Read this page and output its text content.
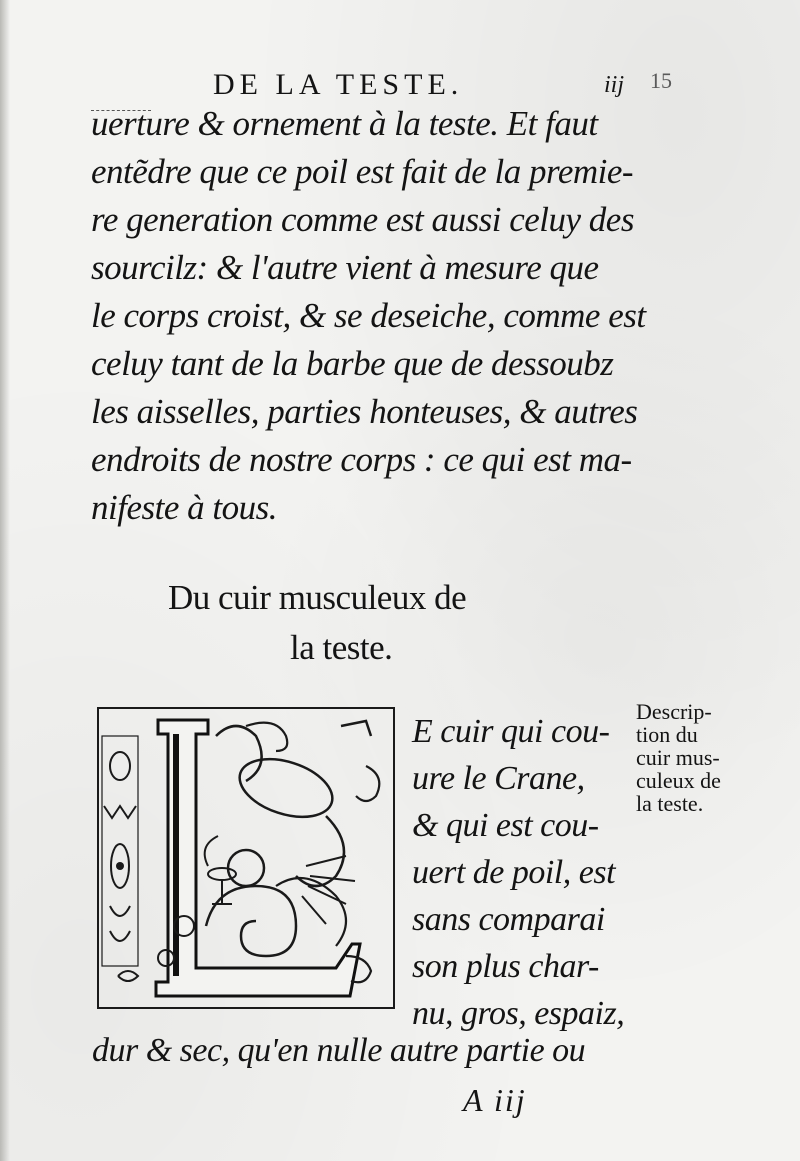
DE LA TESTE.	iij 15
uerture & ornement à la teste. Et faut
entẽdre que ce poil est fait de la premie-
re generation comme est aussi celuy des
sourcilz: & l'autre vient à mesure que
le corps croist, & se deseiche, comme est
celuy tant de la barbe que de dessoubz
les aisselles, parties honteuses, & autres
endroits de nostre corps : ce qui est ma-
nifeste à tous.
Du cuir musculeux de
la teste.
E cuir qui cou-
ure le Crane,
& qui est cou-
uert de poil, est
sans comparai
son plus char-
nu, gros, espaiz,
dur & sec, qu'en nulle autre partie ou
Descrip-
tion du
cuir mus-
culeux de
la teste.
A iij
